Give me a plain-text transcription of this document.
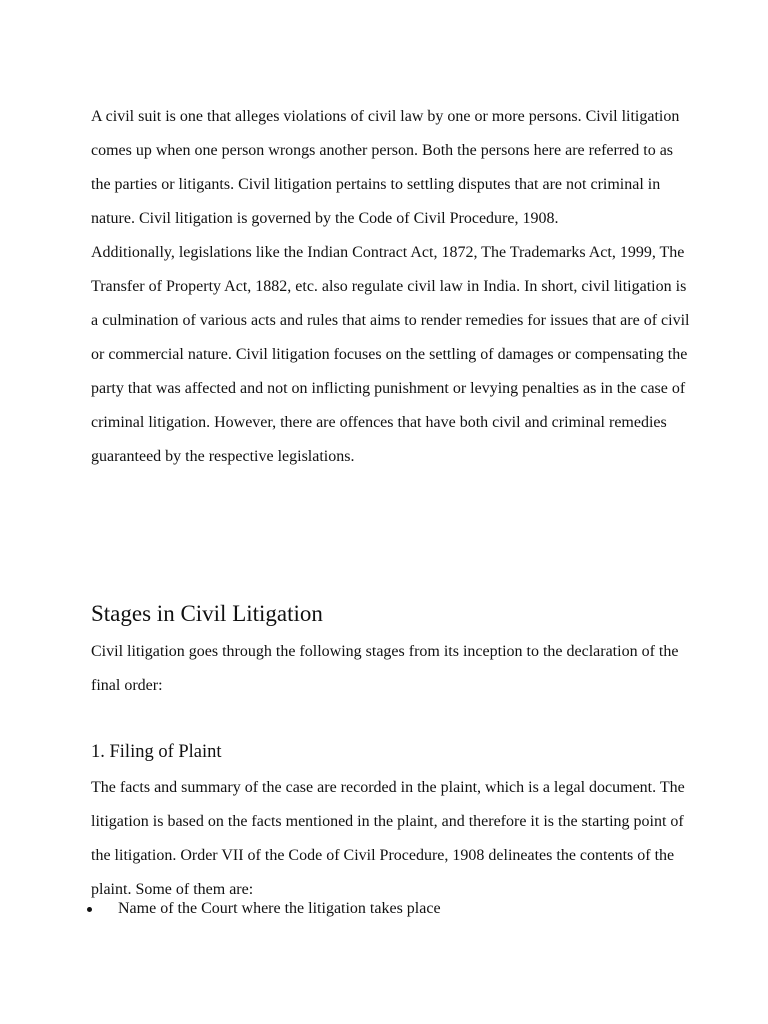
A civil suit is one that alleges violations of civil law by one or more persons. Civil litigation comes up when one person wrongs another person. Both the persons here are referred to as the parties or litigants. Civil litigation pertains to settling disputes that are not criminal in nature. Civil litigation is governed by the Code of Civil Procedure, 1908.

Additionally, legislations like the Indian Contract Act, 1872, The Trademarks Act, 1999, The Transfer of Property Act, 1882, etc. also regulate civil law in India. In short, civil litigation is a culmination of various acts and rules that aims to render remedies for issues that are of civil or commercial nature. Civil litigation focuses on the settling of damages or compensating the party that was affected and not on inflicting punishment or levying penalties as in the case of criminal litigation. However, there are offences that have both civil and criminal remedies guaranteed by the respective legislations.

Stages in Civil Litigation

Civil litigation goes through the following stages from its inception to the declaration of the final order:

1. Filing of Plaint

The facts and summary of the case are recorded in the plaint, which is a legal document. The litigation is based on the facts mentioned in the plaint, and therefore it is the starting point of the litigation. Order VII of the Code of Civil Procedure, 1908 delineates the contents of the plaint. Some of them are:

Name of the Court where the litigation takes place
